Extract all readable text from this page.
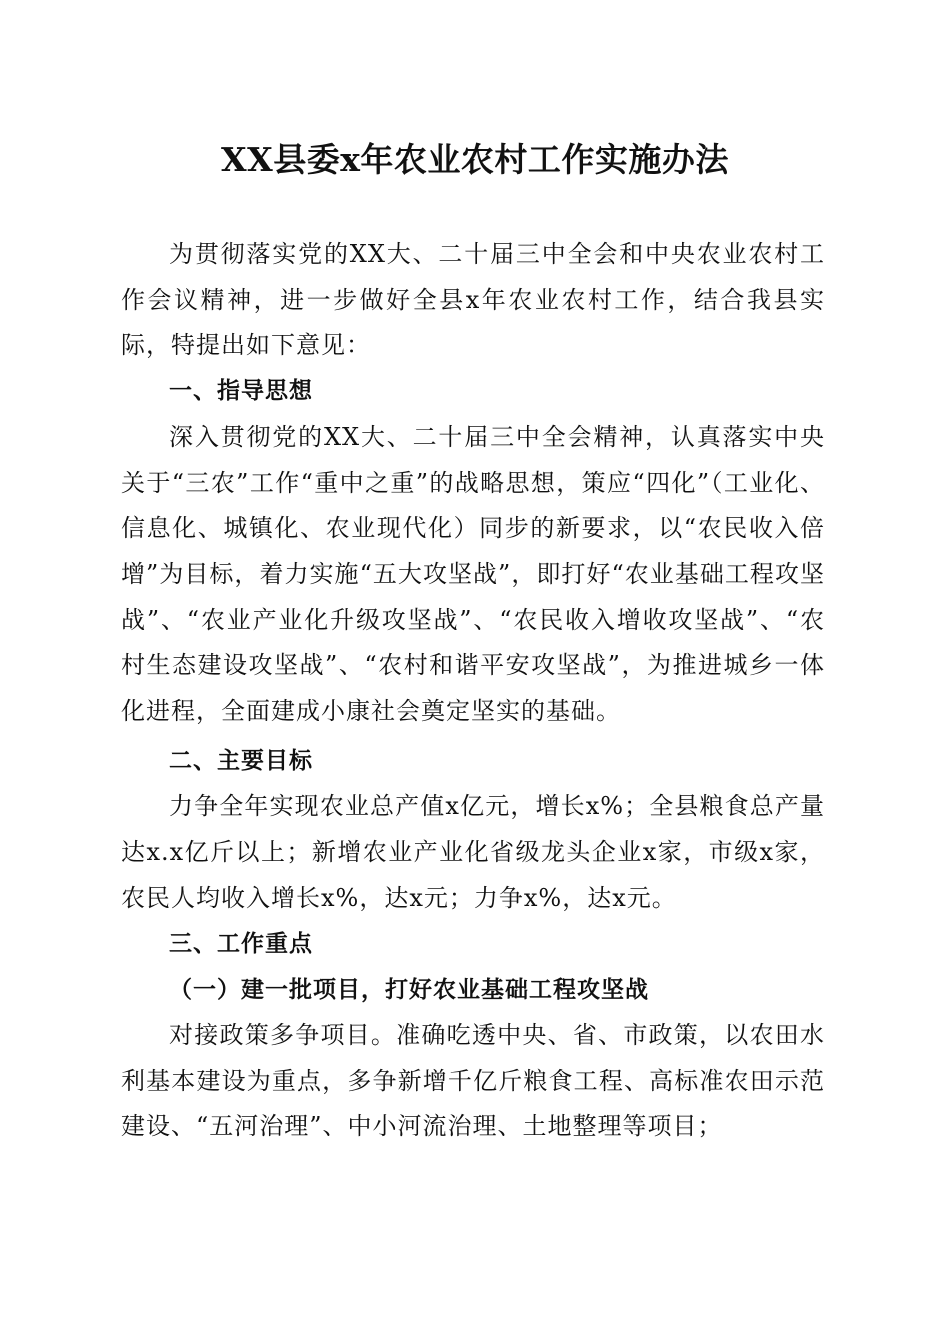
XX县委x年农业农村工作实施办法

为贯彻落实党的XX大、二十届三中全会和中央农业农村工作会议精神，进一步做好全县x年农业农村工作，结合我县实际，特提出如下意见：

一、指导思想

深入贯彻党的XX大、二十届三中全会精神，认真落实中央关于“三农”工作“重中之重”的战略思想，策应“四化”（工业化、信息化、城镇化、农业现代化）同步的新要求，以“农民收入倍增”为目标，着力实施“五大攻坚战”，即打好“农业基础工程攻坚战”、“农业产业化升级攻坚战”、“农民收入增收攻坚战”、“农村生态建设攻坚战”、“农村和谐平安攻坚战”，为推进城乡一体化进程，全面建成小康社会奠定坚实的基础。

二、主要目标

力争全年实现农业总产值x亿元，增长x%；全县粮食总产量达x.x亿斤以上；新增农业产业化省级龙头企业x家，市级x家，农民人均收入增长x%，达x元；力争x%，达x元。

三、工作重点

（一）建一批项目，打好农业基础工程攻坚战

对接政策多争项目。准确吃透中央、省、市政策，以农田水利基本建设为重点，多争新增千亿斤粮食工程、高标准农田示范建设、“五河治理”、中小河流治理、土地整理等项目；
